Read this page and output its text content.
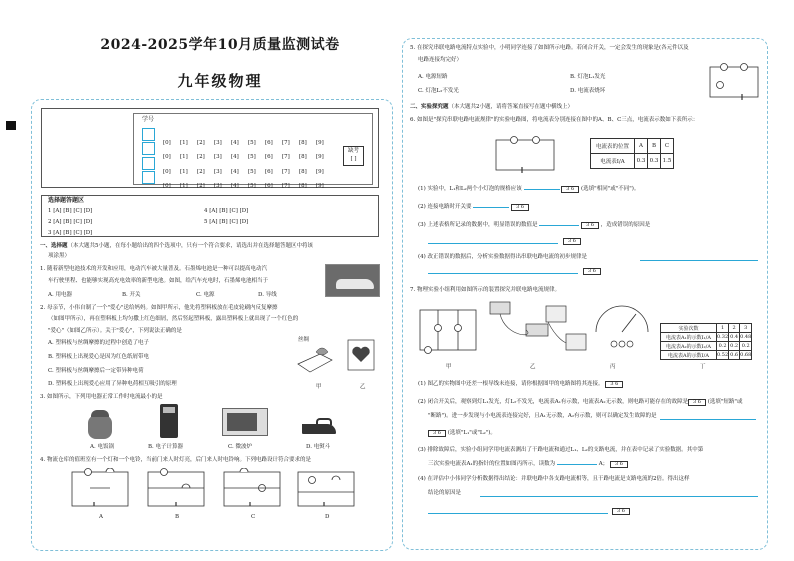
2024-2025学年10月质量监测试卷
九年级物理
学号
[0] [1] [2] [3] [4] [5] [6] [7] [8] [9]
[0] [1] [2] [3] [4] [5] [6] [7] [8] [9]
[0] [1] [2] [3] [4] [5] [6] [7] [8] [9]
[0] [1] [2] [3] [4] [5] [6] [7] [8] [9]
缺考
[ ]
选择题答题区
1 [A] [B] [C] [D]
2 [A] [B] [C] [D]
3 [A] [B] [C] [D]
4 [A] [B] [C] [D]
5 [A] [B] [C] [D]
一、选择题（本大题共5小题，在每小题给出的四个选项中，只有一个符合要求，请选出并在选择题答题区中将该
项涂黑）
1. 随着新型电池技术的开发和应用，电动汽车被大量普及。石墨烯电池是一种可以提高电动汽
车行驶里程、也能够实现高充电效率的新型电池。如图，给汽车充电时，石墨烯电池相当于
A. 用电器	B. 开关	C. 电源	D. 导线
2. 母亲节，小伟自制了一个"爱心"送给妈妈。如图甲所示，他先将塑料板放在毛皮轮刷内反复摩擦
（如图甲所示），再在塑料板上均匀撒上红色细屑，然后竖起塑料板，露出塑料板上就出现了一个红色的
"爱心"（如图乙所示）。关于"爱心"，下列说法正确的是
A. 塑料板与丝绸摩擦的过程中创造了电子
B. 塑料板上出现爱心是因为红色纸屑带电
C. 塑料板与丝绸摩擦后一定带异种电荷
D. 塑料板上出现爱心应用了异种电荷相互吸引的原理
丝绸
甲	乙
3. 如图所示，下列用电器正常工作时电流最小的是
A. 电饭锅	B. 电子计算器	C. 微波炉	D. 电熨斗
4. 物流仓库的值班室有一个灯和一个电铃，当前门来人时灯亮，后门来人时电铃响。下列电路设计符合要求的是
A	B	C	D
5. 在探究串联电路电流特点实验中，小明同学连接了如图所示电路。若闭合开关，一定会发生的现象是(各元件以及
电路连接均完好）
A. 电源短路	B. 灯泡L₁发光
C. 灯泡L₂不发光	D. 电流表烧坏
二、实验探究题（本大题共2小题，请将答案直接写在题中横线上）
6. 如图是"探究串联电路电流规律"的实验电路图，将电流表分别连接在图中的A、B、C三点，电流表示数如下表所示：
电流表的位置	A	B	C
电流表I/A	0.3	0.3	1.5
(1) 实验中，L₁和L₂两个小灯泡的规格应该	3 6 (选填"相同"或"不同")。
(2) 连接电路时开关要	3 6
(3) 上述表格所记录的数据中，明显错误的数值是	3 6 ，造成错误的原因是
3 6
(4) 改正错误的数据后，分析实验数据得出串联电路电流的初步规律是
3 6
7. 物理实验小组利用如图所示的装置探究并联电路电流规律。
甲	乙	丙	丁
实验次数	1	2	3
电流表A₁的示数I₁/A	0.32	0.4	0.48
电流表A₂的示数I₂/A	0.2	0.2	0.2
电流表A的示数I/A	0.52	0.6	0.68
(1) 图乙的实物图中还差一根导线未连接，请你根据图甲的电路图将其连接。 3 6
(2) 闭合开关后，观察到灯L₁发光，灯L₂不发光，电流表A₁有示数，电流表A₂无示数，则电路可能存在的故障是 3 6 (选填"短路"或
"断路")。进一步发现与小电流表连接完好，且A₁无示数，A₂有示数，则可以确定发生故障的是
3 6 (选填"L₁"或"L₂")。
(3) 排除故障后，实验小组同学用电流表测出了干路电流和通过L₁、L₂的支路电流，并在表中记录了实验数据。其中第
三次实验电流表A₁的指针的位置如图丙所示，读数为	A； 3 6
(4) 在评估中小伟同学分析数据得出结论：并联电路中各支路电流相等，且干路电流是支路电流的2倍。得出这样
结论的原因是
3 6
